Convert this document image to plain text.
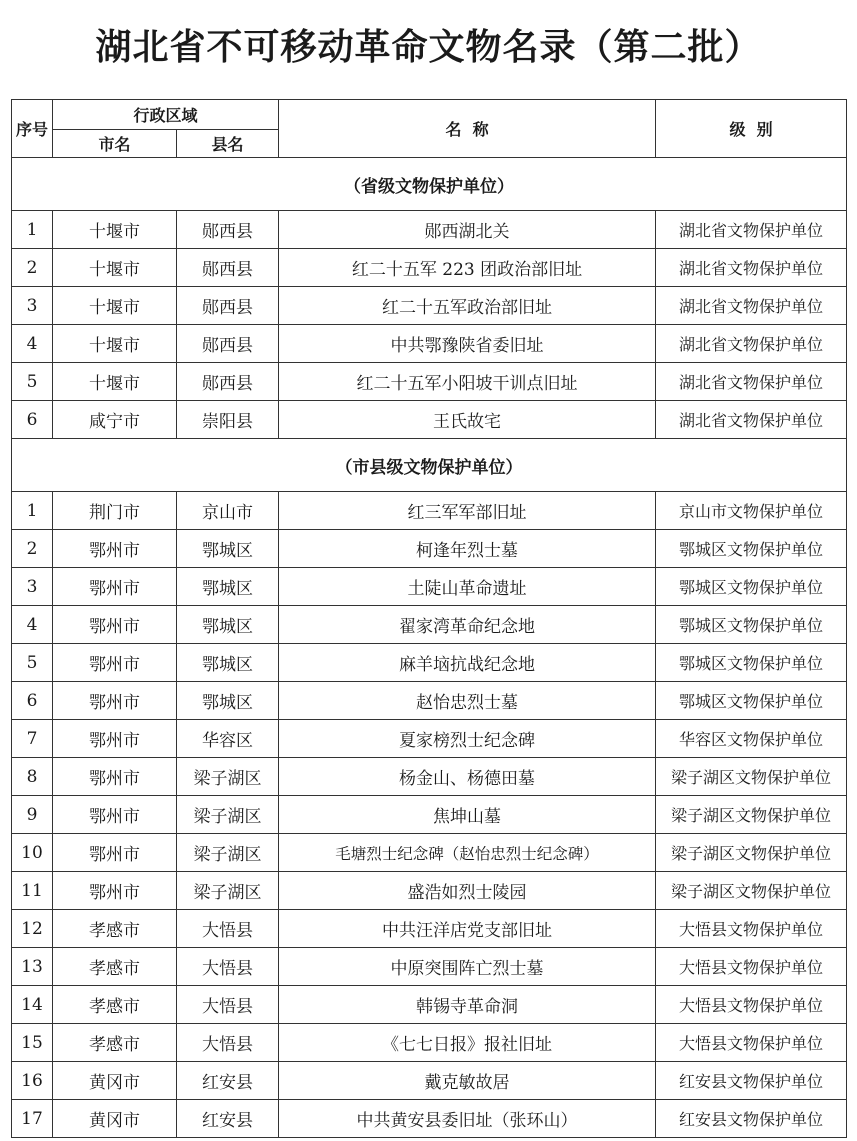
湖北省不可移动革命文物名录（第二批）
序号	行政区域		名  称	级  别
	市名	县名		
（省级文物保护单位）				
1	十堰市	郧西县	郧西湖北关	湖北省文物保护单位
2	十堰市	郧西县	红二十五军 223 团政治部旧址	湖北省文物保护单位
3	十堰市	郧西县	红二十五军政治部旧址	湖北省文物保护单位
4	十堰市	郧西县	中共鄂豫陕省委旧址	湖北省文物保护单位
5	十堰市	郧西县	红二十五军小阳坡干训点旧址	湖北省文物保护单位
6	咸宁市	崇阳县	王氏故宅	湖北省文物保护单位
（市县级文物保护单位）				
1	荆门市	京山市	红三军军部旧址	京山市文物保护单位
2	鄂州市	鄂城区	柯逢年烈士墓	鄂城区文物保护单位
3	鄂州市	鄂城区	土陡山革命遗址	鄂城区文物保护单位
4	鄂州市	鄂城区	翟家湾革命纪念地	鄂城区文物保护单位
5	鄂州市	鄂城区	麻羊垴抗战纪念地	鄂城区文物保护单位
6	鄂州市	鄂城区	赵怡忠烈士墓	鄂城区文物保护单位
7	鄂州市	华容区	夏家榜烈士纪念碑	华容区文物保护单位
8	鄂州市	梁子湖区	杨金山、杨德田墓	梁子湖区文物保护单位
9	鄂州市	梁子湖区	焦坤山墓	梁子湖区文物保护单位
10	鄂州市	梁子湖区	毛塘烈士纪念碑（赵怡忠烈士纪念碑）	梁子湖区文物保护单位
11	鄂州市	梁子湖区	盛浩如烈士陵园	梁子湖区文物保护单位
12	孝感市	大悟县	中共汪洋店党支部旧址	大悟县文物保护单位
13	孝感市	大悟县	中原突围阵亡烈士墓	大悟县文物保护单位
14	孝感市	大悟县	韩锡寺革命洞	大悟县文物保护单位
15	孝感市	大悟县	《七七日报》报社旧址	大悟县文物保护单位
16	黄冈市	红安县	戴克敏故居	红安县文物保护单位
17	黄冈市	红安县	中共黄安县委旧址（张环山）	红安县文物保护单位
